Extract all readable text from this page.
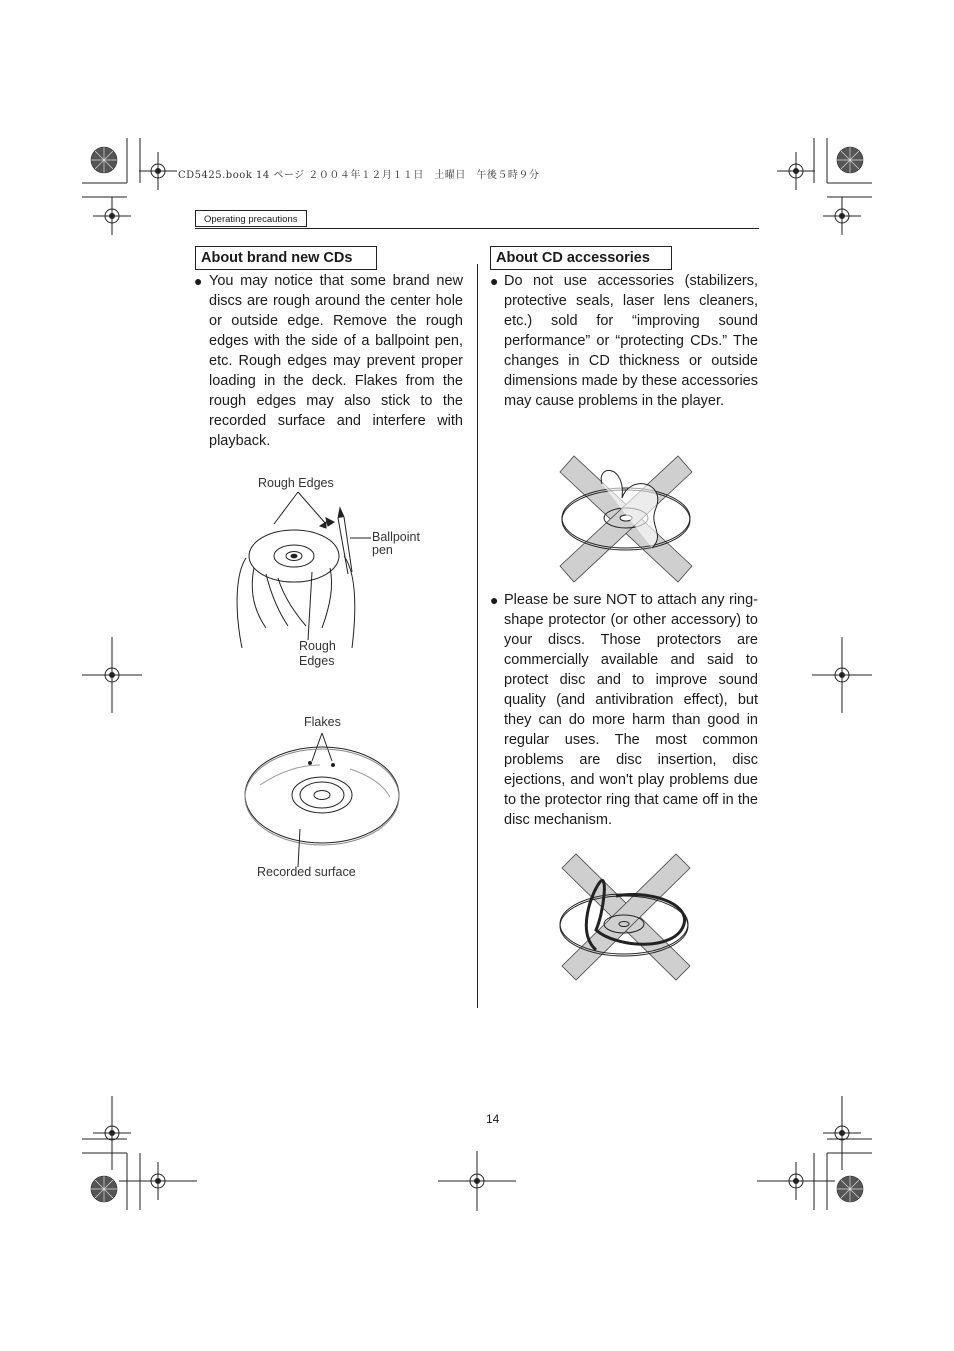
CD5425.book 14 ページ ２００４年１２月１１日　土曜日　午後５時９分
Operating precautions
About brand new CDs
● You may notice that some brand new discs are rough around the center hole or outside edge. Remove the rough edges with the side of a ballpoint pen, etc. Rough edges may prevent proper loading in the deck. Flakes from the rough edges may also stick to the recorded surface and interfere with playback.
Rough Edges
Ballpoint
pen
Rough
Edges
Flakes
Recorded surface
About CD accessories
● Do not use accessories (stabilizers, protective seals, laser lens cleaners, etc.) sold for “improving sound performance” or “protecting CDs.” The changes in CD thickness or outside dimensions made by these accessories may cause problems in the player.
● Please be sure NOT to attach any ring-shape protector (or other accessory) to your discs. Those protectors are commercially available and said to protect disc and to improve sound quality (and antivibration effect), but they can do more harm than good in regular uses. The most common problems are disc insertion, disc ejections, and won't play problems due to the protector ring that came off in the disc mechanism.
14
